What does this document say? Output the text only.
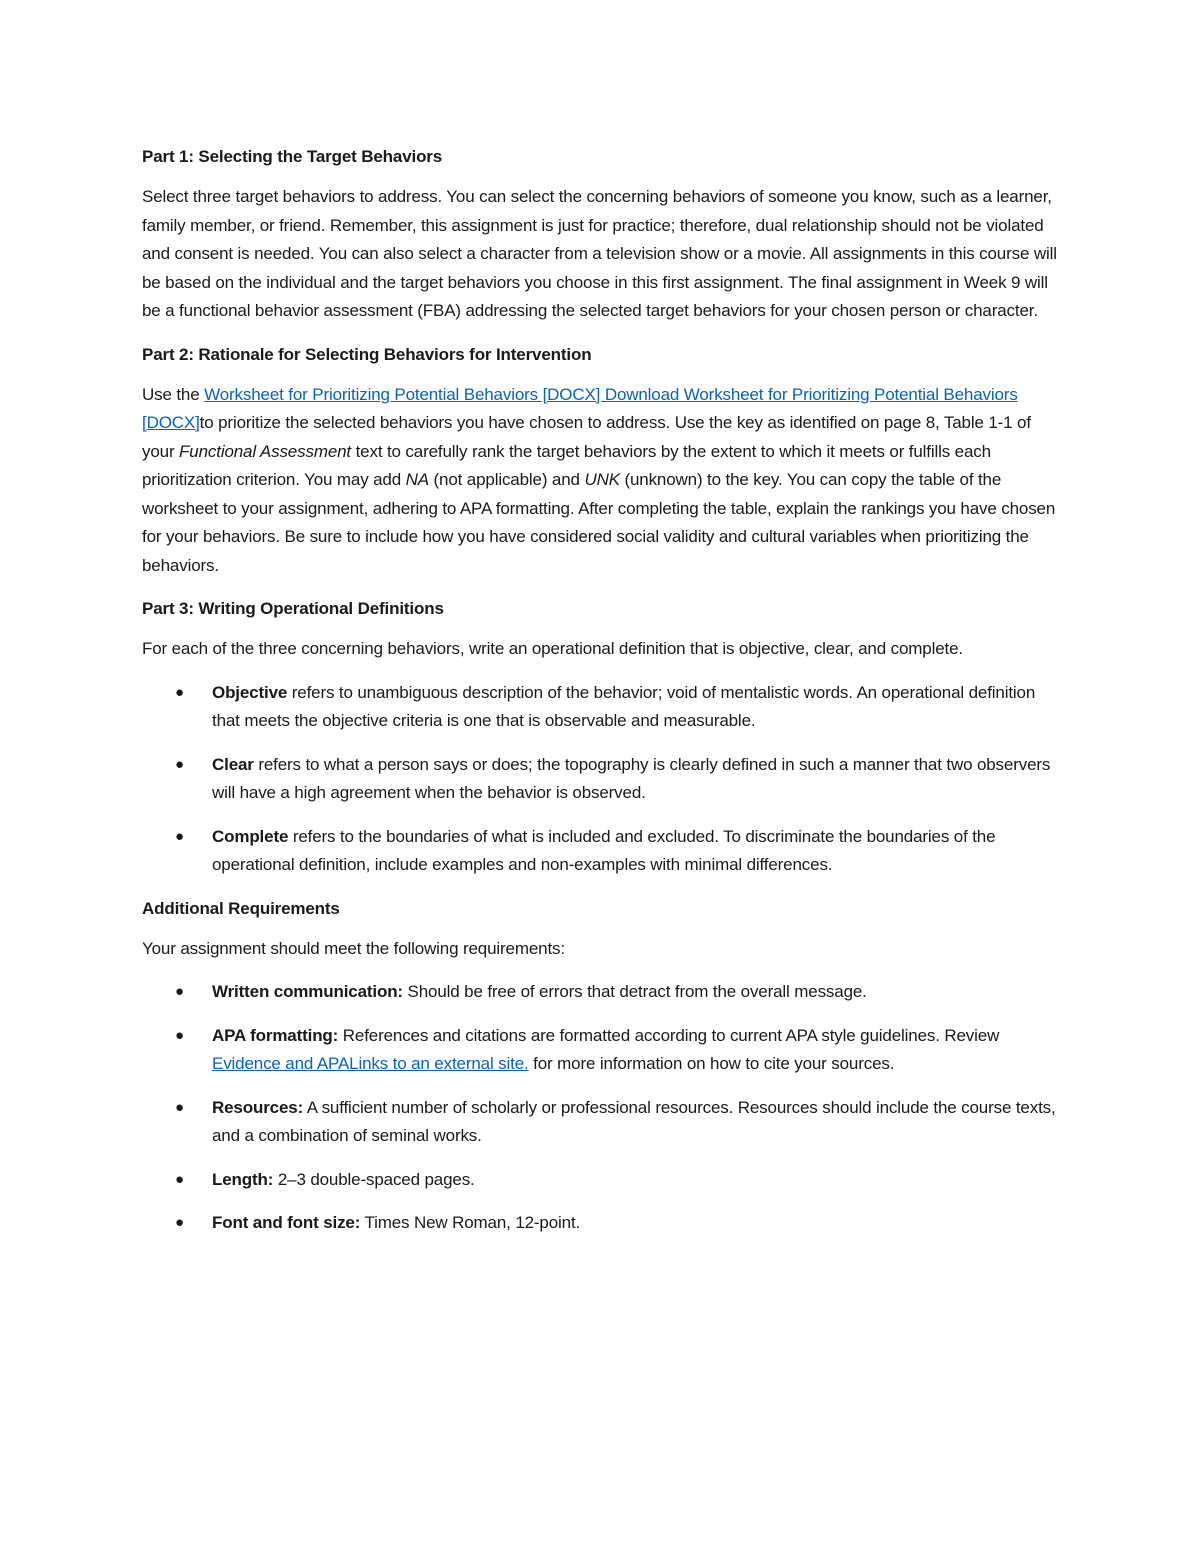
Part 1: Selecting the Target Behaviors

Select three target behaviors to address. You can select the concerning behaviors of someone you know, such as a learner, family member, or friend. Remember, this assignment is just for practice; therefore, dual relationship should not be violated and consent is needed. You can also select a character from a television show or a movie. All assignments in this course will be based on the individual and the target behaviors you choose in this first assignment. The final assignment in Week 9 will be a functional behavior assessment (FBA) addressing the selected target behaviors for your chosen person or character.

Part 2: Rationale for Selecting Behaviors for Intervention

Use the Worksheet for Prioritizing Potential Behaviors [DOCX] Download Worksheet for Prioritizing Potential Behaviors [DOCX]to prioritize the selected behaviors you have chosen to address. Use the key as identified on page 8, Table 1-1 of your Functional Assessment text to carefully rank the target behaviors by the extent to which it meets or fulfills each prioritization criterion. You may add NA (not applicable) and UNK (unknown) to the key. You can copy the table of the worksheet to your assignment, adhering to APA formatting. After completing the table, explain the rankings you have chosen for your behaviors. Be sure to include how you have considered social validity and cultural variables when prioritizing the behaviors.

Part 3: Writing Operational Definitions

For each of the three concerning behaviors, write an operational definition that is objective, clear, and complete.

● Objective refers to unambiguous description of the behavior; void of mentalistic words. An operational definition that meets the objective criteria is one that is observable and measurable.
● Clear refers to what a person says or does; the topography is clearly defined in such a manner that two observers will have a high agreement when the behavior is observed.
● Complete refers to the boundaries of what is included and excluded. To discriminate the boundaries of the operational definition, include examples and non-examples with minimal differences.
Additional Requirements

Your assignment should meet the following requirements:

● Written communication: Should be free of errors that detract from the overall message.
● APA formatting: References and citations are formatted according to current APA style guidelines. Review Evidence and APALinks to an external site. for more information on how to cite your sources.
● Resources: A sufficient number of scholarly or professional resources. Resources should include the course texts, and a combination of seminal works.
● Length: 2–3 double-spaced pages.
● Font and font size: Times New Roman, 12-point.
